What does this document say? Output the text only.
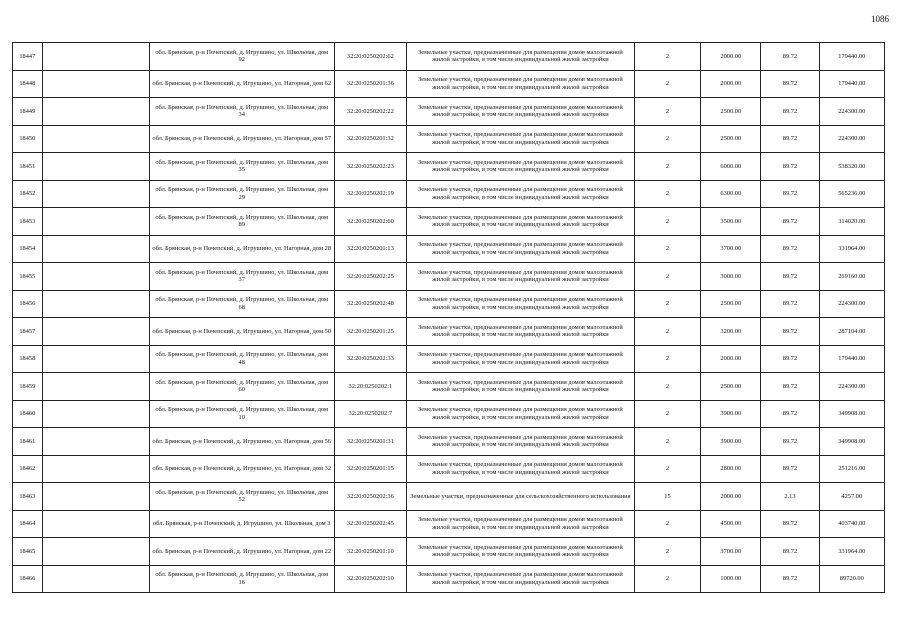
1086
18447		обл. Брянская, р-н Почепский, д. Игрушино, ул. Школьная, дом 92	32:20:0250202:62	Земельные участки, предназначенные для размещения домов малоэтажной жилой застройки, в том числе индивидуальной жилой застройки	2	2000.00	89.72	179440.00
18448		обл. Брянская, р-н Почепский, д. Игрушино, ул. Нагорная, дом 62	32:20:0250201:36	Земельные участки, предназначенные для размещения домов малоэтажной жилой застройки, в том числе индивидуальной жилой застройки	2	2000.00	89.72	179440.00
18449		обл. Брянская, р-н Почепский, д. Игрушино, ул. Школьная, дом 34	32:20:0250202:22	Земельные участки, предназначенные для размещения домов малоэтажной жилой застройки, в том числе индивидуальной жилой застройки	2	2500.00	89.72	224300.00
18450		обл. Брянская, р-н Почепский, д. Игрушино, ул. Нагорная, дом 57	32:20:0250201:32	Земельные участки, предназначенные для размещения домов малоэтажной жилой застройки, в том числе индивидуальной жилой застройки	2	2500.00	89.72	224300.00
18451		обл. Брянская, р-н Почепский, д. Игрушино, ул. Школьная, дом 35	32:20:0250202:23	Земельные участки, предназначенные для размещения домов малоэтажной жилой застройки, в том числе индивидуальной жилой застройки	2	6000.00	89.72	538320.00
18452		обл. Брянская, р-н Почепский, д. Игрушино, ул. Школьная, дом 29	32:20:0250202:19	Земельные участки, предназначенные для размещения домов малоэтажной жилой застройки, в том числе индивидуальной жилой застройки	2	6300.00	89.72	565236.00
18453		обл. Брянская, р-н Почепский, д. Игрушино, ул. Школьная, дом 89	32:20:0250202:60	Земельные участки, предназначенные для размещения домов малоэтажной жилой застройки, в том числе индивидуальной жилой застройки	2	3500.00	89.72	314020.00
18454		обл. Брянская, р-н Почепский, д. Игрушино, ул. Нагорная, дом 28	32:20:0250201:13	Земельные участки, предназначенные для размещения домов малоэтажной жилой застройки, в том числе индивидуальной жилой застройки	2	3700.00	89.72	331964.00
18455		обл. Брянская, р-н Почепский, д. Игрушино, ул. Школьная, дом 37	32:20:0250202:25	Земельные участки, предназначенные для размещения домов малоэтажной жилой застройки, в том числе индивидуальной жилой застройки	2	3000.00	89.72	269160.00
18456		обл. Брянская, р-н Почепский, д. Игрушино, ул. Школьная, дом 68	32:20:0250202:48	Земельные участки, предназначенные для размещения домов малоэтажной жилой застройки, в том числе индивидуальной жилой застройки	2	2500.00	89.72	224300.00
18457		обл. Брянская, р-н Почепский, д. Игрушино, ул. Нагорная, дом 50	32:20:0250201:25	Земельные участки, предназначенные для размещения домов малоэтажной жилой застройки, в том числе индивидуальной жилой застройки	2	3200.00	89.72	287104.00
18458		обл. Брянская, р-н Почепский, д. Игрушино, ул. Школьная, дом 48	32:20:0250202:33	Земельные участки, предназначенные для размещения домов малоэтажной жилой застройки, в том числе индивидуальной жилой застройки	2	2000.00	89.72	179440.00
18459		обл. Брянская, р-н Почепский, д. Игрушино, ул. Школьная, дом 60	32:20:0250202:1	Земельные участки, предназначенные для размещения домов малоэтажной жилой застройки, в том числе индивидуальной жилой застройки	2	2500.00	89.72	224300.00
18460		обл. Брянская, р-н Почепский, д. Игрушино, ул. Школьная, дом 10	32:20:0250202:7	Земельные участки, предназначенные для размещения домов малоэтажной жилой застройки, в том числе индивидуальной жилой застройки	2	3900.00	89.72	349908.00
18461		обл. Брянская, р-н Почепский, д. Игрушино, ул. Нагорная, дом 56	32:20:0250201:31	Земельные участки, предназначенные для размещения домов малоэтажной жилой застройки, в том числе индивидуальной жилой застройки	2	3900.00	89.72	349908.00
18462		обл. Брянская, р-н Почепский, д. Игрушино, ул. Нагорная, дом 32	32:20:0250201:15	Земельные участки, предназначенные для размещения домов малоэтажной жилой застройки, в том числе индивидуальной жилой застройки	2	2800.00	89.72	251216.00
18463		обл. Брянская, р-н Почепский, д. Игрушино, ул. Школьная, дом 52	32:20:0250202:36	Земельные участки, предназначенные для сельскохозяйственного использования	15	2000.00	2.13	4257.00
18464		обл. Брянская, р-н Почепский, д. Игрушино, ул. Школьная, дом 3	32:20:0250202:45	Земельные участки, предназначенные для размещения домов малоэтажной жилой застройки, в том числе индивидуальной жилой застройки	2	4500.00	89.72	403740.00
18465		обл. Брянская, р-н Почепский, д. Игрушино, ул. Нагорная, дом 22	32:20:0250201:10	Земельные участки, предназначенные для размещения домов малоэтажной жилой застройки, в том числе индивидуальной жилой застройки	2	3700.00	89.72	331964.00
18466		обл. Брянская, р-н Почепский, д. Игрушино, ул. Школьная, дом 16	32:20:0250202:10	Земельные участки, предназначенные для размещения домов малоэтажной жилой застройки, в том числе индивидуальной жилой застройки	2	1000.00	89.72	89720.00
